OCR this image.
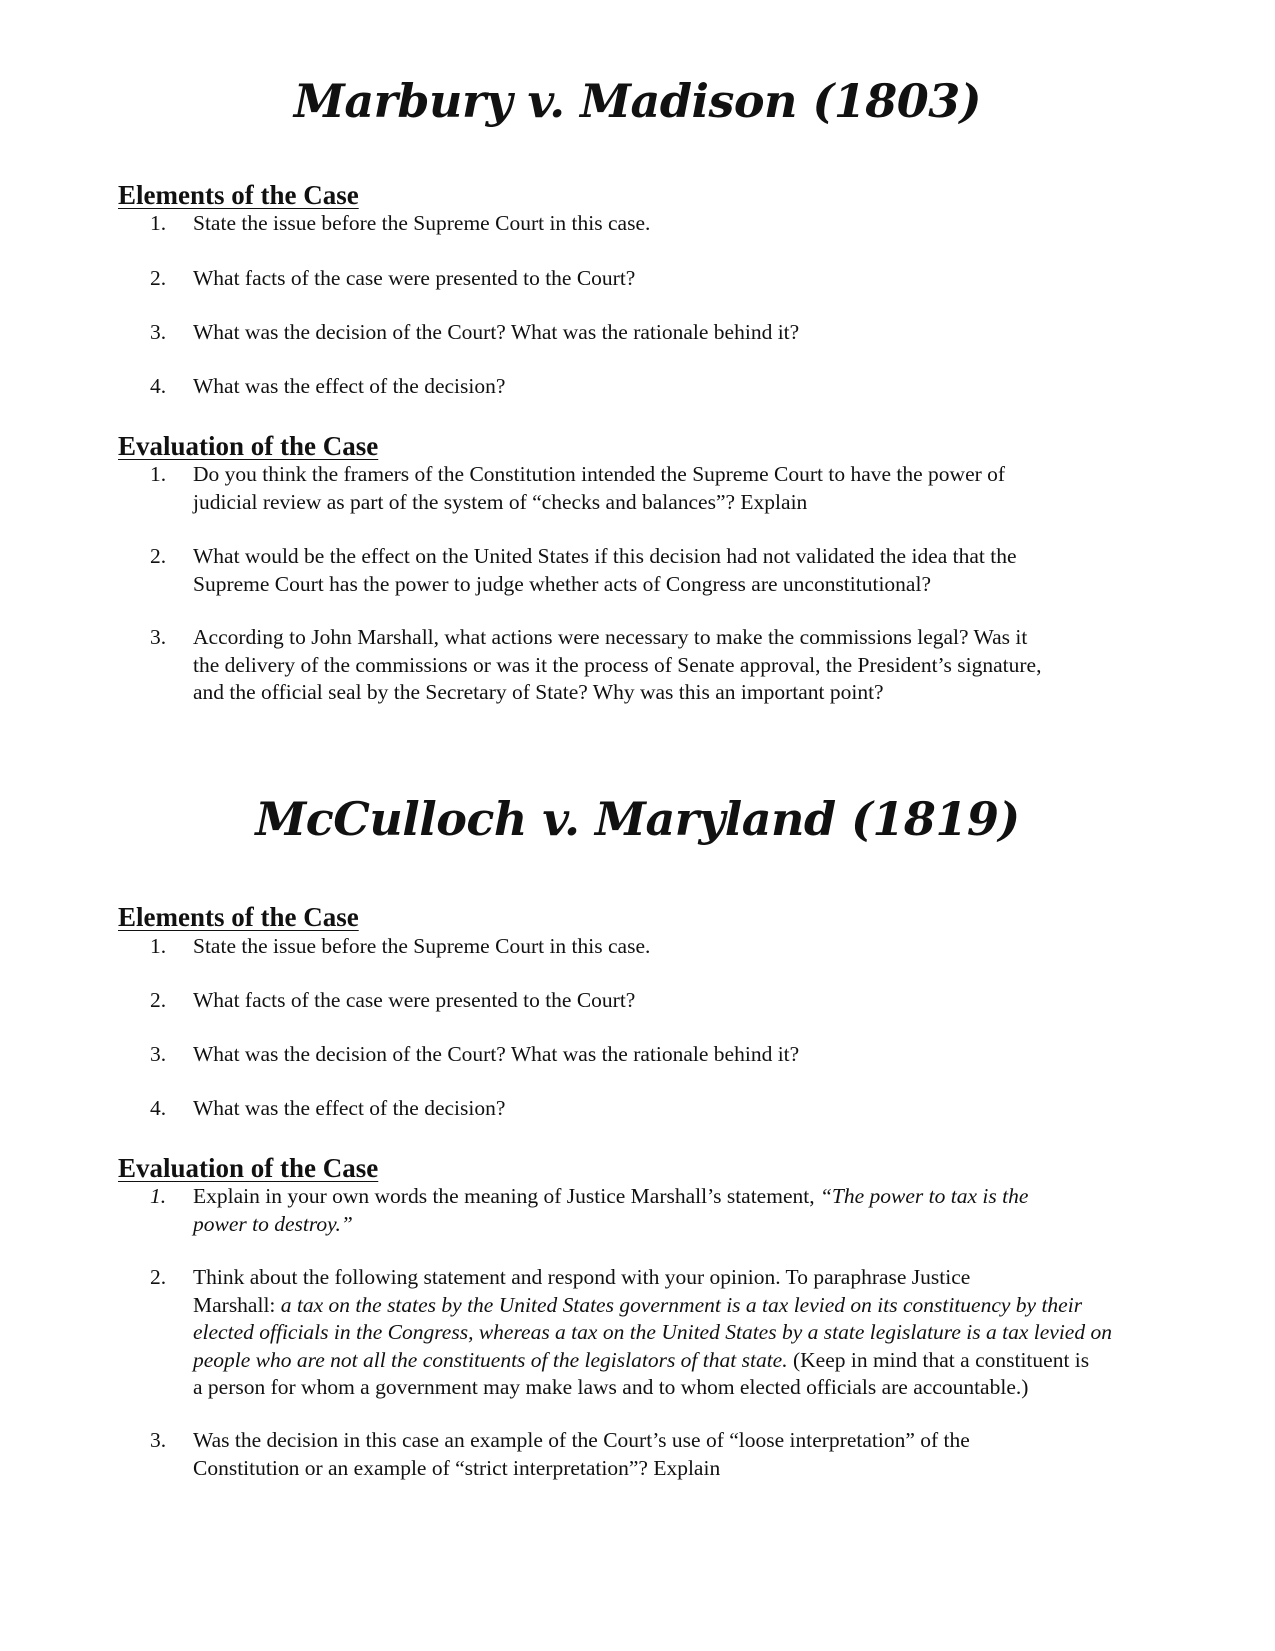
Marbury v. Madison (1803)
Elements of the Case
1. State the issue before the Supreme Court in this case.
2. What facts of the case were presented to the Court?
3. What was the decision of the Court? What was the rationale behind it?
4. What was the effect of the decision?
Evaluation of the Case
1. Do you think the framers of the Constitution intended the Supreme Court to have the power of
judicial review as part of the system of “checks and balances”? Explain
2. What would be the effect on the United States if this decision had not validated the idea that the
Supreme Court has the power to judge whether acts of Congress are unconstitutional?
3. According to John Marshall, what actions were necessary to make the commissions legal? Was it
the delivery of the commissions or was it the process of Senate approval, the President’s signature,
and the official seal by the Secretary of State? Why was this an important point?
McCulloch v. Maryland (1819)
Elements of the Case
1. State the issue before the Supreme Court in this case.
2. What facts of the case were presented to the Court?
3. What was the decision of the Court? What was the rationale behind it?
4. What was the effect of the decision?
Evaluation of the Case
1. Explain in your own words the meaning of Justice Marshall’s statement, “The power to tax is the
power to destroy.”
2. Think about the following statement and respond with your opinion. To paraphrase Justice
Marshall: a tax on the states by the United States government is a tax levied on its constituency by their
elected officials in the Congress, whereas a tax on the United States by a state legislature is a tax levied on
people who are not all the constituents of the legislators of that state. (Keep in mind that a constituent is
a person for whom a government may make laws and to whom elected officials are accountable.)
3. Was the decision in this case an example of the Court’s use of “loose interpretation” of the
Constitution or an example of “strict interpretation”? Explain
